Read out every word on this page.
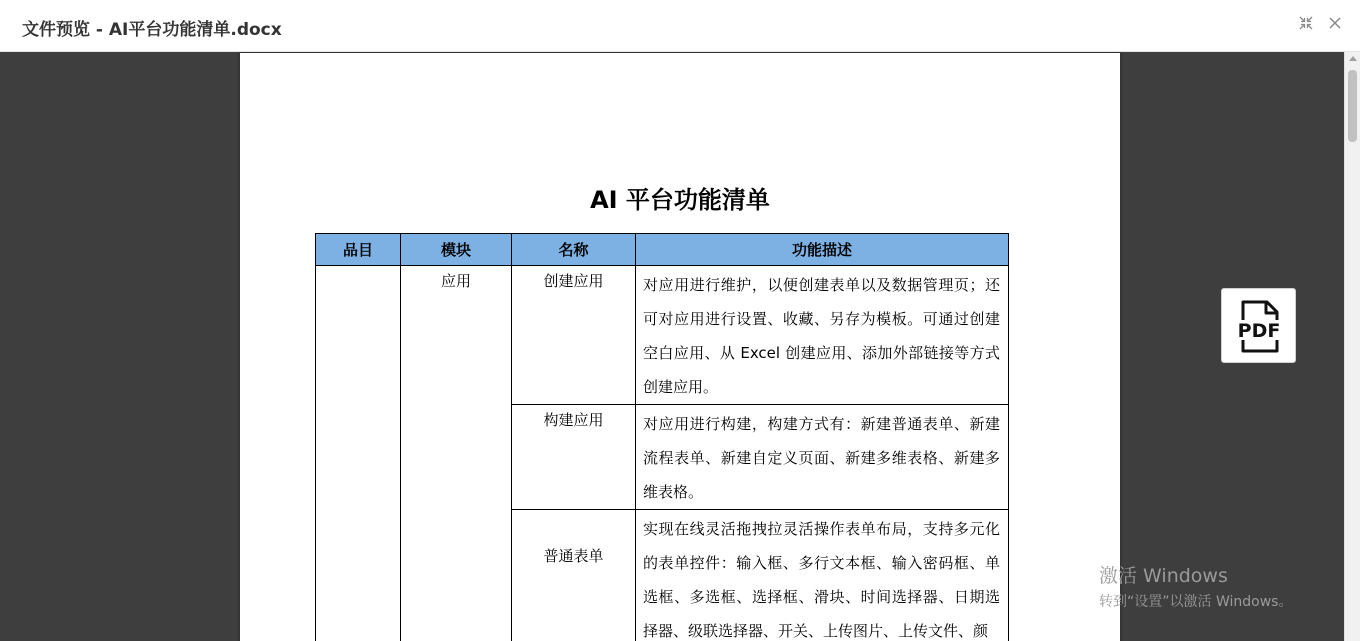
文件预览 - AI平台功能清单.docx
AI 平台功能清单
品目	模块	名称	功能描述

	应用	创建应用	对应用进行维护，以便创建表单以及数据管理页；还可对应用进行设置、收藏、另存为模板。可通过创建空白应用、从 Excel 创建应用、添加外部链接等方式创建应用。
		构建应用	对应用进行构建，构建方式有：新建普通表单、新建流程表单、新建自定义页面、新建多维表格、新建多维表格。
		普通表单	实现在线灵活拖拽拉灵活操作表单布局，支持多元化的表单控件：输入框、多行文本框、输入密码框、单选框、多选框、选择框、滑块、时间选择器、日期选择器、级联选择器、开关、上传图片、上传文件、颜
PDF
激活 Windows
转到“设置”以激活 Windows。
